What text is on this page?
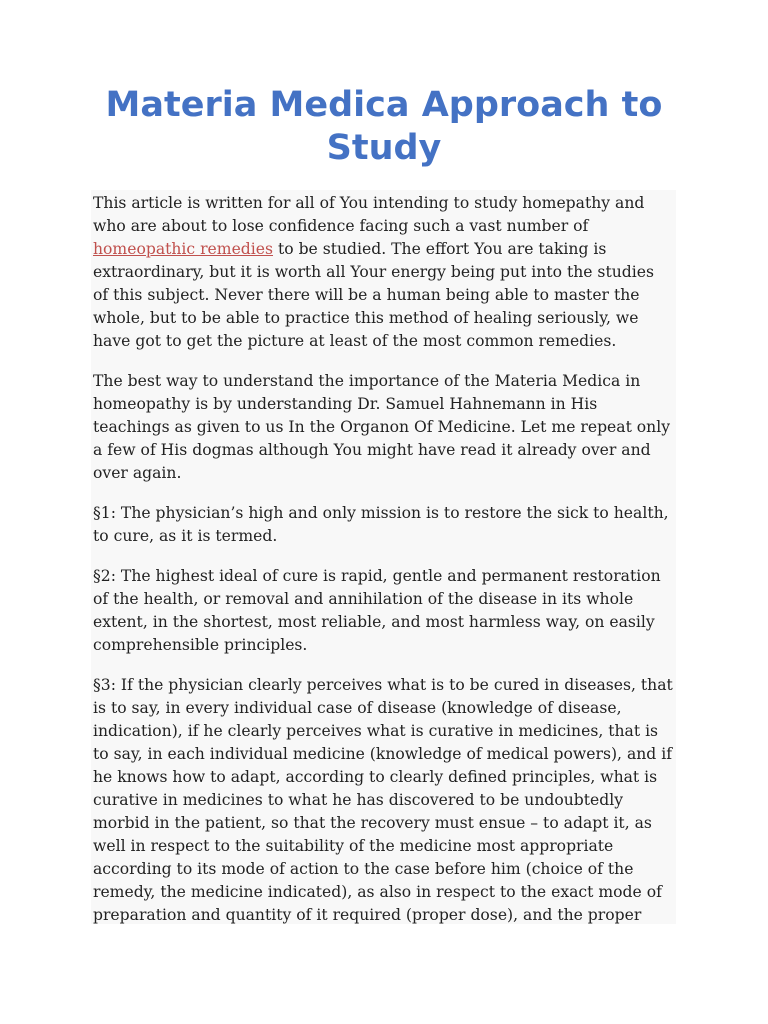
Materia Medica Approach to Study

This article is written for all of You intending to study homepathy and who are about to lose confidence facing such a vast number of homeopathic remedies to be studied. The effort You are taking is extraordinary, but it is worth all Your energy being put into the studies of this subject. Never there will be a human being able to master the whole, but to be able to practice this method of healing seriously, we have got to get the picture at least of the most common remedies.

The best way to understand the importance of the Materia Medica in homeopathy is by understanding Dr. Samuel Hahnemann in His teachings as given to us In the Organon Of Medicine. Let me repeat only a few of His dogmas although You might have read it already over and over again.

§1: The physician’s high and only mission is to restore the sick to health, to cure, as it is termed.

§2: The highest ideal of cure is rapid, gentle and permanent restoration of the health, or removal and annihilation of the disease in its whole extent, in the shortest, most reliable, and most harmless way, on easily comprehensible principles.

§3: If the physician clearly perceives what is to be cured in diseases, that is to say, in every individual case of disease (knowledge of disease, indication), if he clearly perceives what is curative in medicines, that is to say, in each individual medicine (knowledge of medical powers), and if he knows how to adapt, according to clearly defined principles, what is curative in medicines to what he has discovered to be undoubtedly morbid in the patient, so that the recovery must ensue – to adapt it, as well in respect to the suitability of the medicine most appropriate according to its mode of action to the case before him (choice of the remedy, the medicine indicated), as also in respect to the exact mode of preparation and quantity of it required (proper dose), and the proper
